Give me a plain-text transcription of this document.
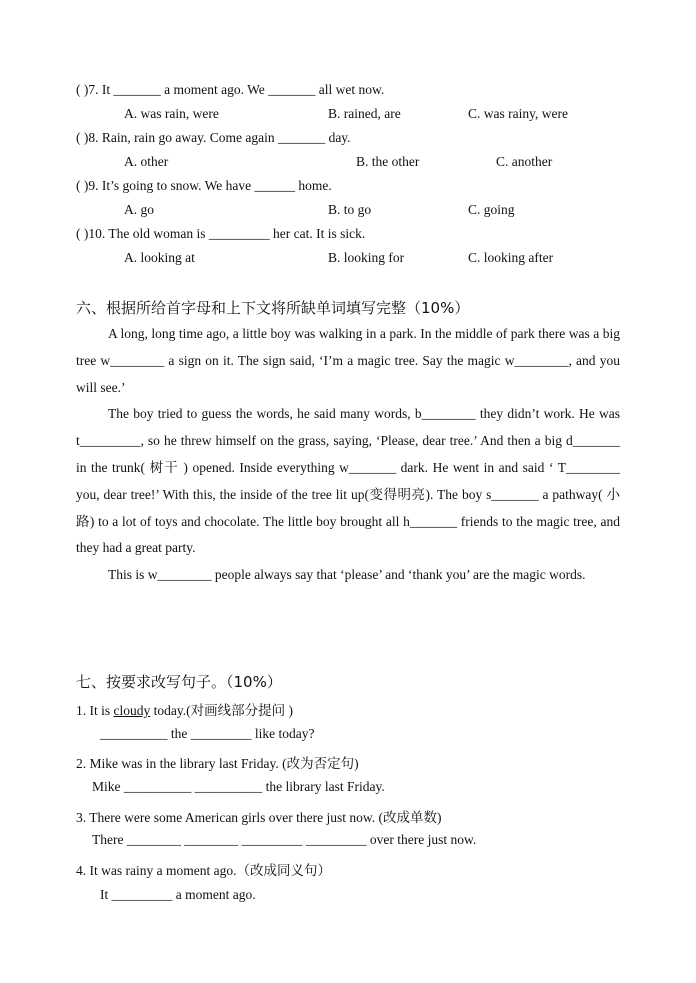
( )7. It _______ a moment ago. We _______ all wet now.
A. was rain, were	B. rained, are	C. was rainy, were
( )8. Rain, rain go away. Come again _______ day.
A. other	B. the other	C. another
( )9. It’s going to snow. We have ______ home.
A. go	B. to go	C. going
( )10. The old woman is _________ her cat. It is sick.
A. looking at	B. looking for	C. looking after
六、根据所给首字母和上下文将所缺单词填写完整（10%）

A long, long time ago, a little boy was walking in a park. In the middle of park there was a big tree w________ a sign on it. The sign said, ‘I’m a magic tree. Say the magic w________, and you will see.’

The boy tried to guess the words, he said many words, b________ they didn’t work. He was t_________, so he threw himself on the grass, saying, ‘Please, dear tree.’ And then a big d_______ in the trunk( 树干 ) opened. Inside everything w_______ dark. He went in and said ‘ T________ you, dear tree!’ With this, the inside of the tree lit up(变得明亮). The boy s_______ a pathway( 小路) to a lot of toys and chocolate. The little boy brought all h_______ friends to the magic tree, and they had a great party.

This is w________ people always say that ‘please’ and ‘thank you’ are the magic words.

七、按要求改写句子。（10%）
1. It is cloudy today.(对画线部分提问 )
__________ the _________ like today?
2. Mike was in the library last Friday. (改为否定句)
Mike __________ __________ the library last Friday.
3. There were some American girls over there just now. (改成单数)
There ________ ________ _________ _________ over there just now.
4. It was rainy a moment ago.（改成同义句）
It _________ a moment ago.
